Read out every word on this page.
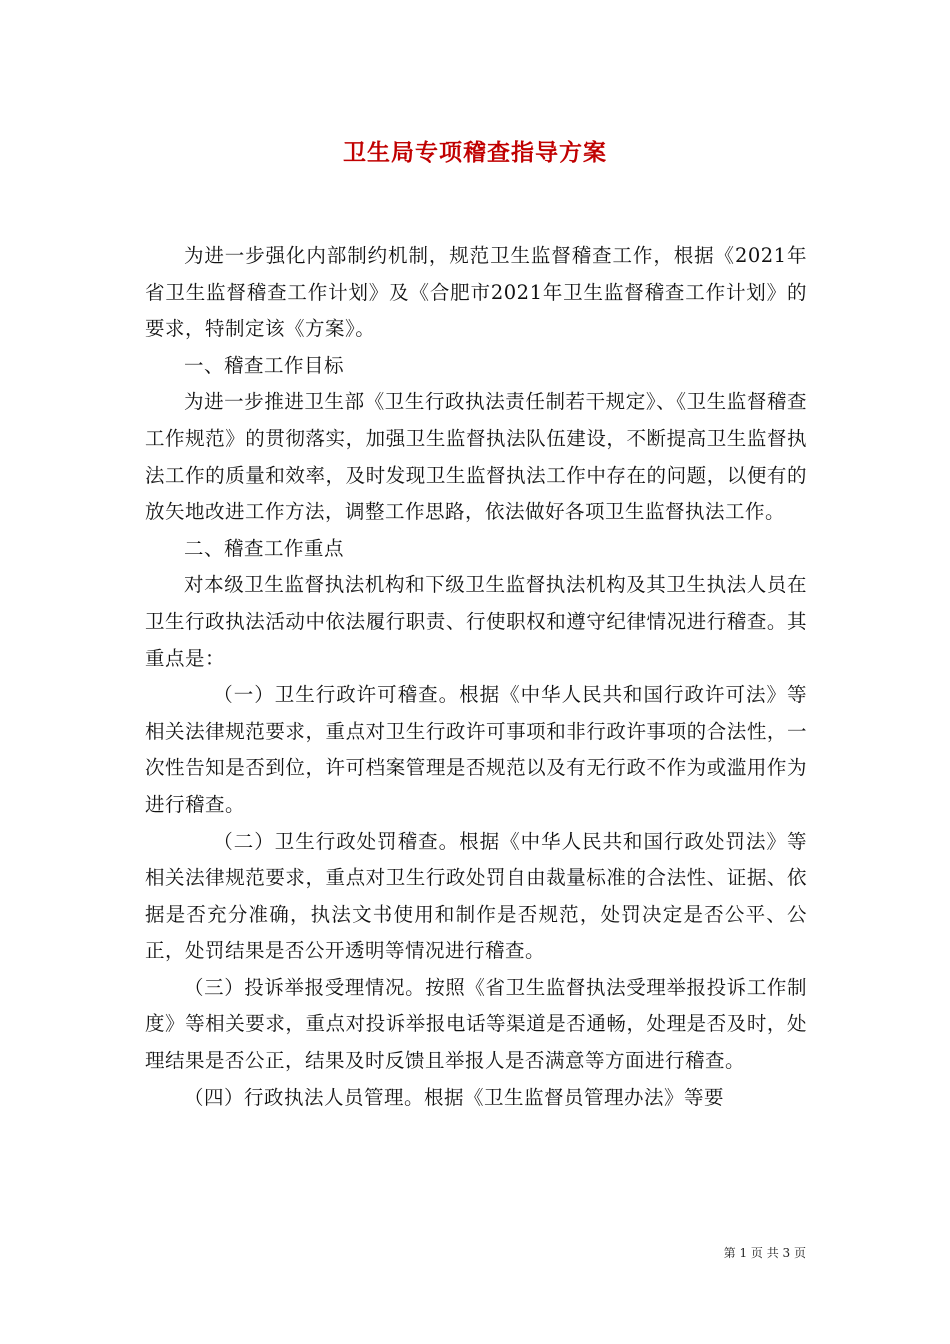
卫生局专项稽查指导方案

为进一步强化内部制约机制，规范卫生监督稽查工作，根据《2021年省卫生监督稽查工作计划》及《合肥市2021年卫生监督稽查工作计划》的要求，特制定该《方案》。

一、稽查工作目标

为进一步推进卫生部《卫生行政执法责任制若干规定》、《卫生监督稽查工作规范》的贯彻落实，加强卫生监督执法队伍建设，不断提高卫生监督执法工作的质量和效率，及时发现卫生监督执法工作中存在的问题，以便有的放矢地改进工作方法，调整工作思路，依法做好各项卫生监督执法工作。

二、稽查工作重点

对本级卫生监督执法机构和下级卫生监督执法机构及其卫生执法人员在卫生行政执法活动中依法履行职责、行使职权和遵守纪律情况进行稽查。其重点是：

（一）卫生行政许可稽查。根据《中华人民共和国行政许可法》等相关法律规范要求，重点对卫生行政许可事项和非行政许事项的合法性，一次性告知是否到位，许可档案管理是否规范以及有无行政不作为或滥用作为进行稽查。

（二）卫生行政处罚稽查。根据《中华人民共和国行政处罚法》等相关法律规范要求，重点对卫生行政处罚自由裁量标准的合法性、证据、依据是否充分准确，执法文书使用和制作是否规范，处罚决定是否公平、公正，处罚结果是否公开透明等情况进行稽查。

（三）投诉举报受理情况。按照《省卫生监督执法受理举报投诉工作制度》等相关要求，重点对投诉举报电话等渠道是否通畅，处理是否及时，处理结果是否公正，结果及时反馈且举报人是否满意等方面进行稽查。

（四）行政执法人员管理。根据《卫生监督员管理办法》等要

第 1 页 共 3 页
